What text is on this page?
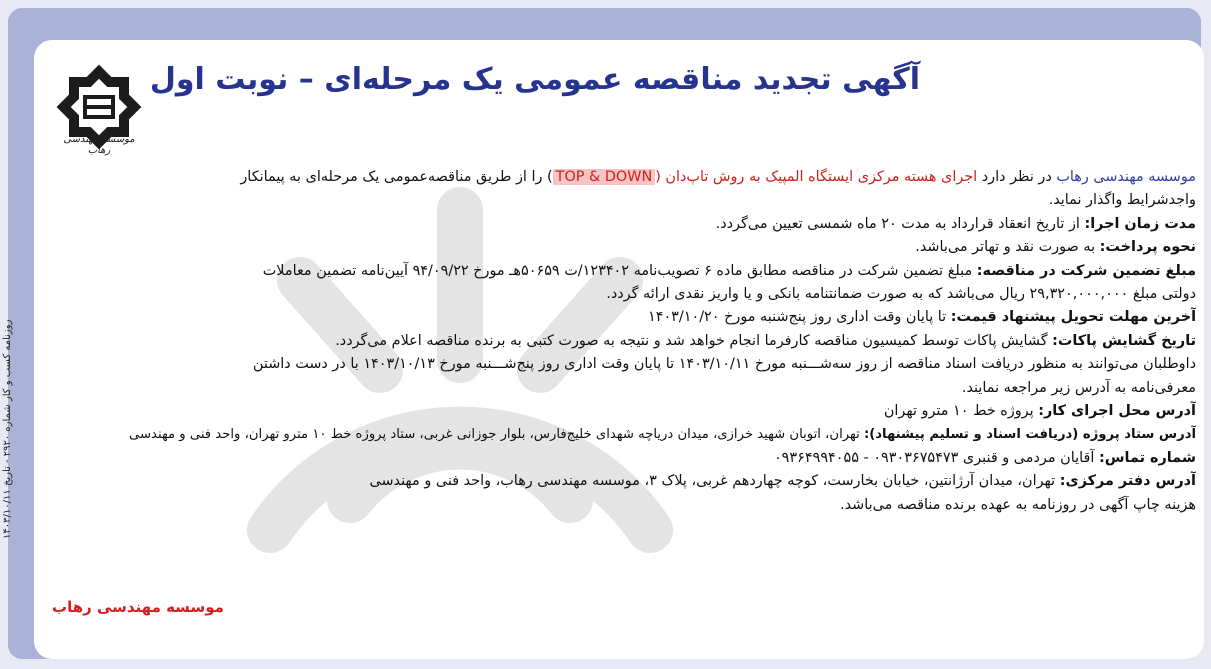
آگهی تجدید مناقصه عمومی یک مرحله‌ای – نوبت اول
موسسه مهندسی رهاب
روزنامه کسب و کار شماره ۲۹۲۰ - تاریخ ۱۴۰۳/۱۰/۱۱
موسسه مهندسی رهاب در نظر دارد اجرای هسته مرکزی ایستگاه المپیک به روش تاپ‌دان (TOP & DOWN) را از طریق مناقصه‌عمومی یک مرحله‌ای به پیمانکار
واجدشرایط واگذار نماید.
مدت زمان اجرا: از تاریخ انعقاد قرارداد به مدت ۲۰ ماه شمسی تعیین می‌گردد.
نحوه پرداخت: به صورت نقد و تهاتر می‌باشد.
مبلغ تضمین شرکت در مناقصه: مبلغ تضمین شرکت در مناقصه مطابق ماده ۶ تصویب‌نامه ۱۲۳۴۰۲/ت ۵۰۶۵۹هـ مورخ ۹۴/۰۹/۲۲ آیین‌نامه تضمین معاملات
دولتی مبلغ ۲۹,۳۲۰,۰۰۰,۰۰۰ ریال می‌باشد که به صورت ضمانتنامه بانکی و یا واریز نقدی ارائه گردد.
آخرین مهلت تحویل پیشنهاد قیمت: تا پایان وقت اداری روز پنج‌شنبه مورخ ۱۴۰۳/۱۰/۲۰
تاریخ گشایش پاکات: گشایش پاکات توسط کمیسیون مناقصه کارفرما انجام خواهد شد و نتیجه به صورت کتبی به برنده مناقصه اعلام می‌گردد.
داوطلبان می‌توانند به منظور دریافت اسناد مناقصه از روز سه‌شـــنبه مورخ ۱۴۰۳/۱۰/۱۱ تا پایان وقت اداری روز پنج‌شـــنبه مورخ ۱۴۰۳/۱۰/۱۳ با در دست داشتن
معرفی‌نامه به آدرس زیر مراجعه نمایند.
آدرس محل اجرای کار: پروژه خط ۱۰ مترو تهران
آدرس ستاد پروژه (دریافت اسناد و تسلیم پیشنهاد): تهران، اتوبان شهید خرازی، میدان دریاچه شهدای خلیج‌فارس، بلوار جوزانی غربی، ستاد پروژه خط ۱۰ مترو تهران، واحد فنی و مهندسی
شماره تماس: آقایان مردمی و قنبری ۰۹۳۰۳۶۷۵۴۷۳ - ۰۹۳۶۴۹۹۴۰۵۵
آدرس دفتر مرکزی: تهران، میدان آرژانتین، خیابان بخارست، کوچه چهاردهم غربی، پلاک ۳، موسسه مهندسی رهاب، واحد فنی و مهندسی
هزینه چاپ آگهی در روزنامه به عهده برنده مناقصه می‌باشد.
موسسه مهندسی رهاب
